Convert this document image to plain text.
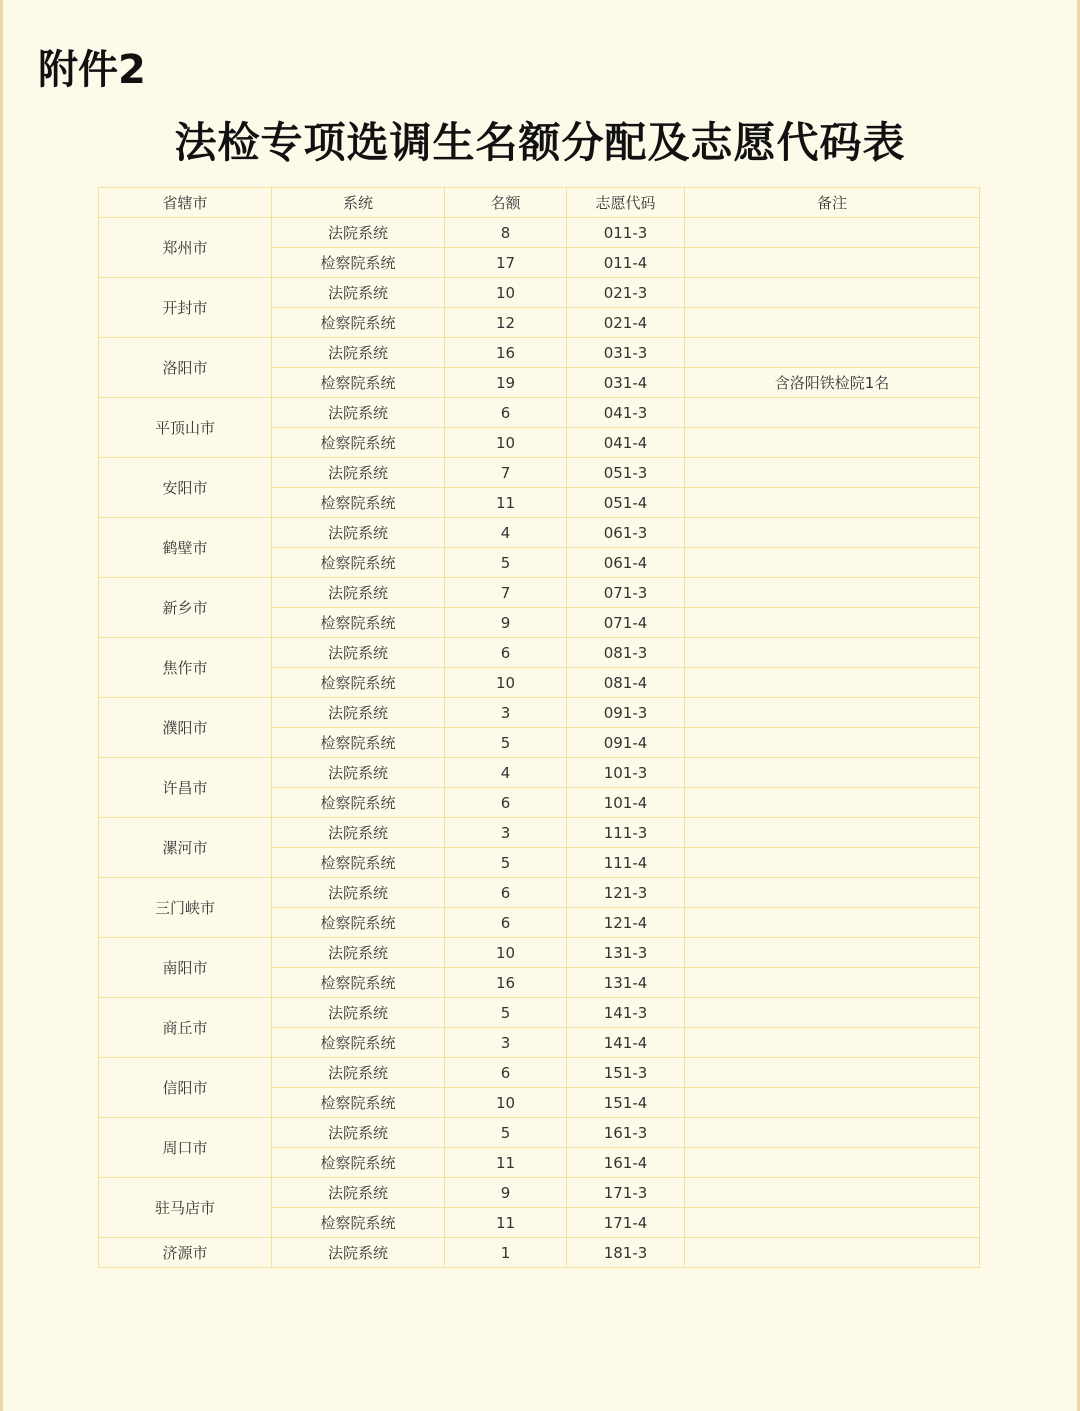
附件2
法检专项选调生名额分配及志愿代码表
省辖市	系统	名额	志愿代码	备注
郑州市	法院系统	8	011-3	
	检察院系统	17	011-4	
开封市	法院系统	10	021-3	
	检察院系统	12	021-4	
洛阳市	法院系统	16	031-3	
	检察院系统	19	031-4	含洛阳铁检院1名
平顶山市	法院系统	6	041-3	
	检察院系统	10	041-4	
安阳市	法院系统	7	051-3	
	检察院系统	11	051-4	
鹤壁市	法院系统	4	061-3	
	检察院系统	5	061-4	
新乡市	法院系统	7	071-3	
	检察院系统	9	071-4	
焦作市	法院系统	6	081-3	
	检察院系统	10	081-4	
濮阳市	法院系统	3	091-3	
	检察院系统	5	091-4	
许昌市	法院系统	4	101-3	
	检察院系统	6	101-4	
漯河市	法院系统	3	111-3	
	检察院系统	5	111-4	
三门峡市	法院系统	6	121-3	
	检察院系统	6	121-4	
南阳市	法院系统	10	131-3	
	检察院系统	16	131-4	
商丘市	法院系统	5	141-3	
	检察院系统	3	141-4	
信阳市	法院系统	6	151-3	
	检察院系统	10	151-4	
周口市	法院系统	5	161-3	
	检察院系统	11	161-4	
驻马店市	法院系统	9	171-3	
	检察院系统	11	171-4	
济源市	法院系统	1	181-3	
